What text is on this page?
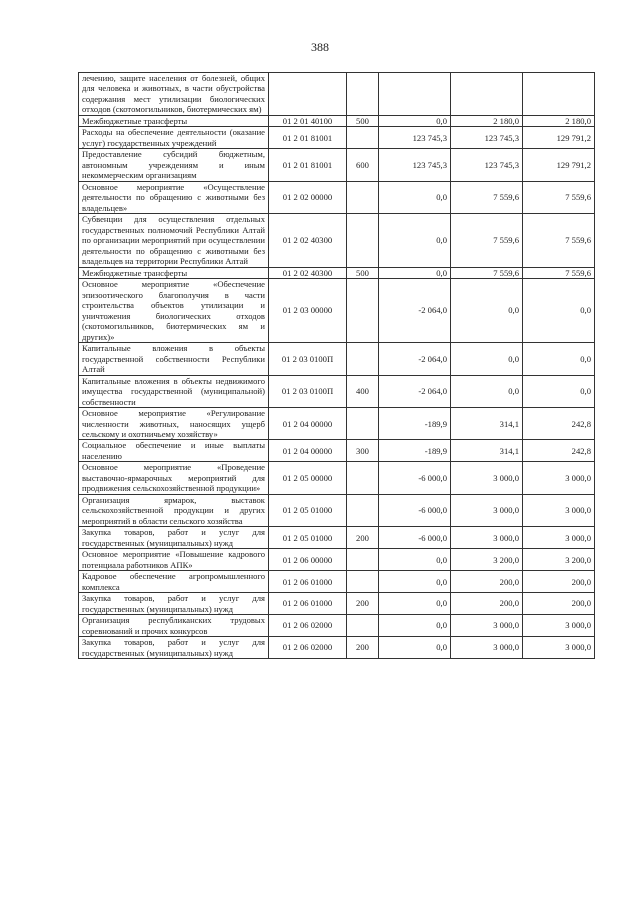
388
лечению, защите населения от болезней, общих для человека и животных, в части обустройства содержания мест утилизации биологических отходов (скотомогильников, биотермических ям)					
Межбюджетные трансферты	01 2 01 40100	500	0,0	2 180,0	2 180,0
Расходы на обеспечение деятельности (оказание услуг) государственных учреждений	01 2 01 81001		123 745,3	123 745,3	129 791,2
Предоставление субсидий бюджетным, автономным учреждениям и иным некоммерческим организациям	01 2 01 81001	600	123 745,3	123 745,3	129 791,2
Основное мероприятие «Осуществление деятельности по обращению с животными без владельцев»	01 2 02 00000		0,0	7 559,6	7 559,6
Субвенции для осуществления отдельных государственных полномочий Республики Алтай по организации мероприятий при осуществлении деятельности по обращению с животными без владельцев на территории Республики Алтай	01 2 02 40300		0,0	7 559,6	7 559,6
Межбюджетные трансферты	01 2 02 40300	500	0,0	7 559,6	7 559,6
Основное мероприятие «Обеспечение эпизоотического благополучия в части строительства объектов утилизации и уничтожения биологических отходов (скотомогильников, биотермических ям и других)»	01 2 03 00000		-2 064,0	0,0	0,0
Капитальные вложения в объекты государственной собственности Республики Алтай	01 2 03 0100П		-2 064,0	0,0	0,0
Капитальные вложения в объекты недвижимого имущества государственной (муниципальной) собственности	01 2 03 0100П	400	-2 064,0	0,0	0,0
Основное мероприятие «Регулирование численности животных, наносящих ущерб сельскому и охотничьему хозяйству»	01 2 04 00000		-189,9	314,1	242,8
Социальное обеспечение и иные выплаты населению	01 2 04 00000	300	-189,9	314,1	242,8
Основное мероприятие «Проведение выставочно-ярмарочных мероприятий для продвижения сельскохозяйственной продукции»	01 2 05 00000		-6 000,0	3 000,0	3 000,0
Организация ярмарок, выставок сельскохозяйственной продукции и других мероприятий в области сельского хозяйства	01 2 05 01000		-6 000,0	3 000,0	3 000,0
Закупка товаров, работ и услуг для государственных (муниципальных) нужд	01 2 05 01000	200	-6 000,0	3 000,0	3 000,0
Основное мероприятие «Повышение кадрового потенциала работников АПК»	01 2 06 00000		0,0	3 200,0	3 200,0
Кадровое обеспечение агропромышленного комплекса	01 2 06 01000		0,0	200,0	200,0
Закупка товаров, работ и услуг для государственных (муниципальных) нужд	01 2 06 01000	200	0,0	200,0	200,0
Организация республиканских трудовых соревнований и прочих конкурсов	01 2 06 02000		0,0	3 000,0	3 000,0
Закупка товаров, работ и услуг для государственных (муниципальных) нужд	01 2 06 02000	200	0,0	3 000,0	3 000,0
